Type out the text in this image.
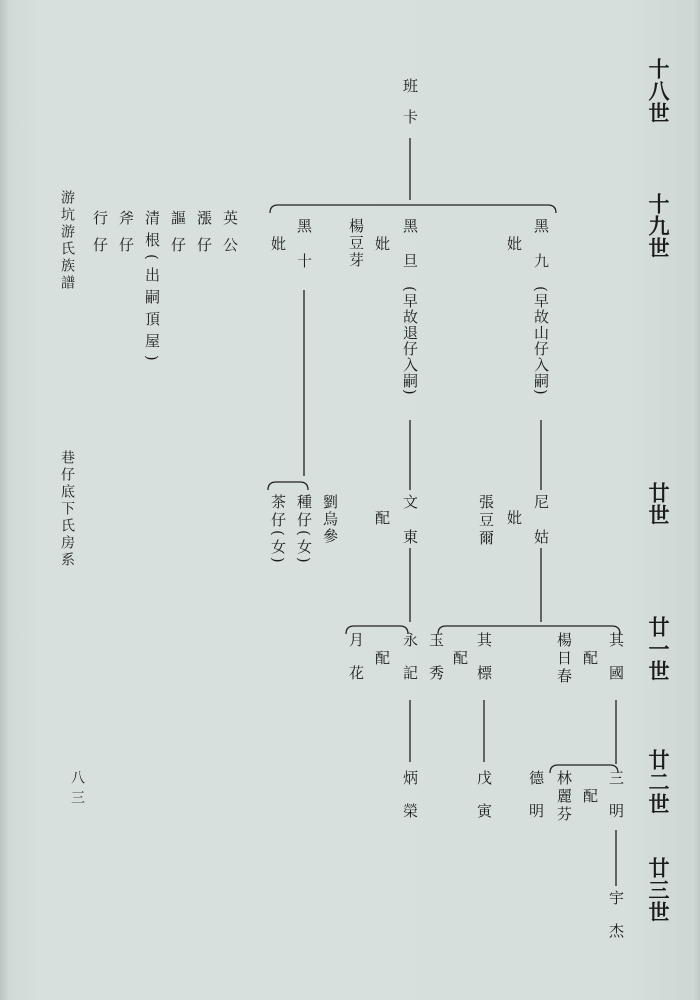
十八世
十九世
廿世
廿一世
廿二世
廿三世
班卡
黑九
(早故山仔入嗣)
妣
黑旦
(早故退仔入嗣)
妣
楊豆芽
黑十
妣
尼姑
妣
張豆爾
文東
配
劉烏參
種仔(女)
茶仔(女)
其國
配
楊日春
其標
玉秀 配
永記
配
月花
三明
配
林麗芬
德明
戊寅
炳榮
宇杰
英公
漲仔
謳仔
清根(出嗣頂屋)
斧仔
行仔
游坑游氏族譜
巷仔底下氏房系
八三
